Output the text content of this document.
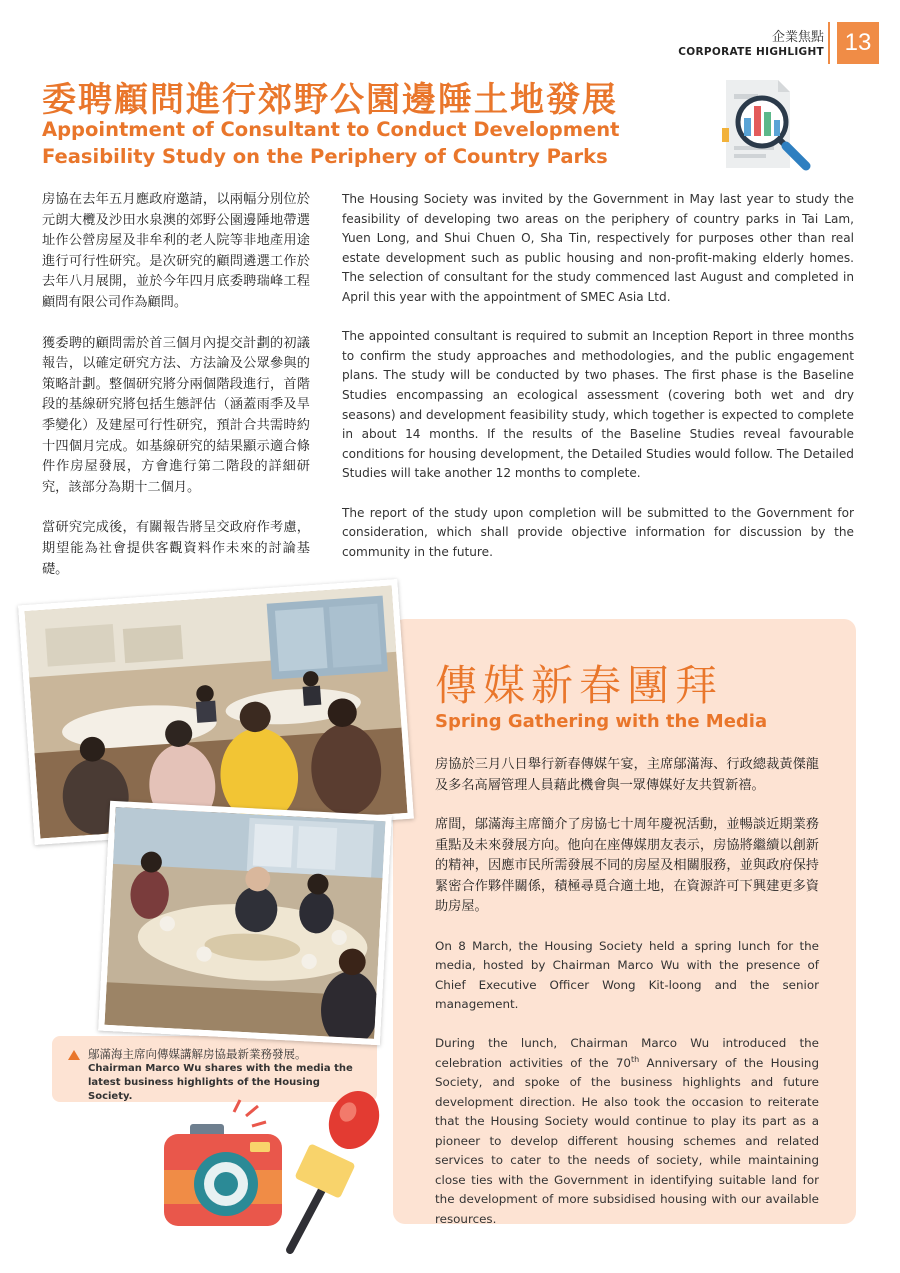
企業焦點
CORPORATE HIGHLIGHT 13
委聘顧問進行郊野公園邊陲土地發展
Appointment of Consultant to Conduct Development Feasibility Study on the Periphery of Country Parks

房協在去年五月應政府邀請，以兩幅分別位於元朗大欖及沙田水泉澳的郊野公園邊陲地帶選址作公營房屋及非牟利的老人院等非地產用途進行可行性研究。是次研究的顧問遴選工作於去年八月展開，並於今年四月底委聘瑞峰工程顧問有限公司作為顧問。

獲委聘的顧問需於首三個月內提交計劃的初議報告，以確定研究方法、方法論及公眾參與的策略計劃。整個研究將分兩個階段進行，首階段的基線研究將包括生態評估（涵蓋雨季及旱季變化）及建屋可行性研究，預計合共需時約十四個月完成。如基線研究的結果顯示適合條件作房屋發展，方會進行第二階段的詳細研究，該部分為期十二個月。

當研究完成後，有關報告將呈交政府作考慮，期望能為社會提供客觀資料作未來的討論基礎。

The Housing Society was invited by the Government in May last year to study the feasibility of developing two areas on the periphery of country parks in Tai Lam, Yuen Long, and Shui Chuen O, Sha Tin, respectively for purposes other than real estate development such as public housing and non-profit-making elderly homes. The selection of consultant for the study commenced last August and completed in April this year with the appointment of SMEC Asia Ltd.

The appointed consultant is required to submit an Inception Report in three months to confirm the study approaches and methodologies, and the public engagement plans. The study will be conducted by two phases. The first phase is the Baseline Studies encompassing an ecological assessment (covering both wet and dry seasons) and development feasibility study, which together is expected to complete in about 14 months. If the results of the Baseline Studies reveal favourable conditions for housing development, the Detailed Studies would follow. The Detailed Studies will take another 12 months to complete.

The report of the study upon completion will be submitted to the Government for consideration, which shall provide objective information for discussion by the community in the future.

傳媒新春團拜
Spring Gathering with the Media

房協於三月八日舉行新春傳媒午宴，主席鄔滿海、行政總裁黃傑龍及多名高層管理人員藉此機會與一眾傳媒好友共賀新禧。

席間，鄔滿海主席簡介了房協七十周年慶祝活動，並暢談近期業務重點及未來發展方向。他向在座傳媒朋友表示，房協將繼續以創新的精神，因應市民所需發展不同的房屋及相關服務，並與政府保持緊密合作夥伴關係，積極尋覓合適土地，在資源許可下興建更多資助房屋。

On 8 March, the Housing Society held a spring lunch for the media, hosted by Chairman Marco Wu with the presence of Chief Executive Officer Wong Kit-loong and the senior management.

During the lunch, Chairman Marco Wu introduced the celebration activities of the 70th Anniversary of the Housing Society, and spoke of the business highlights and future development direction. He also took the occasion to reiterate that the Housing Society would continue to play its part as a pioneer to develop different housing schemes and related services to cater to the needs of society, while maintaining close ties with the Government in identifying suitable land for the development of more subsidised housing with our available resources.

鄔滿海主席向傳媒講解房協最新業務發展。
Chairman Marco Wu shares with the media the latest business highlights of the Housing Society.
